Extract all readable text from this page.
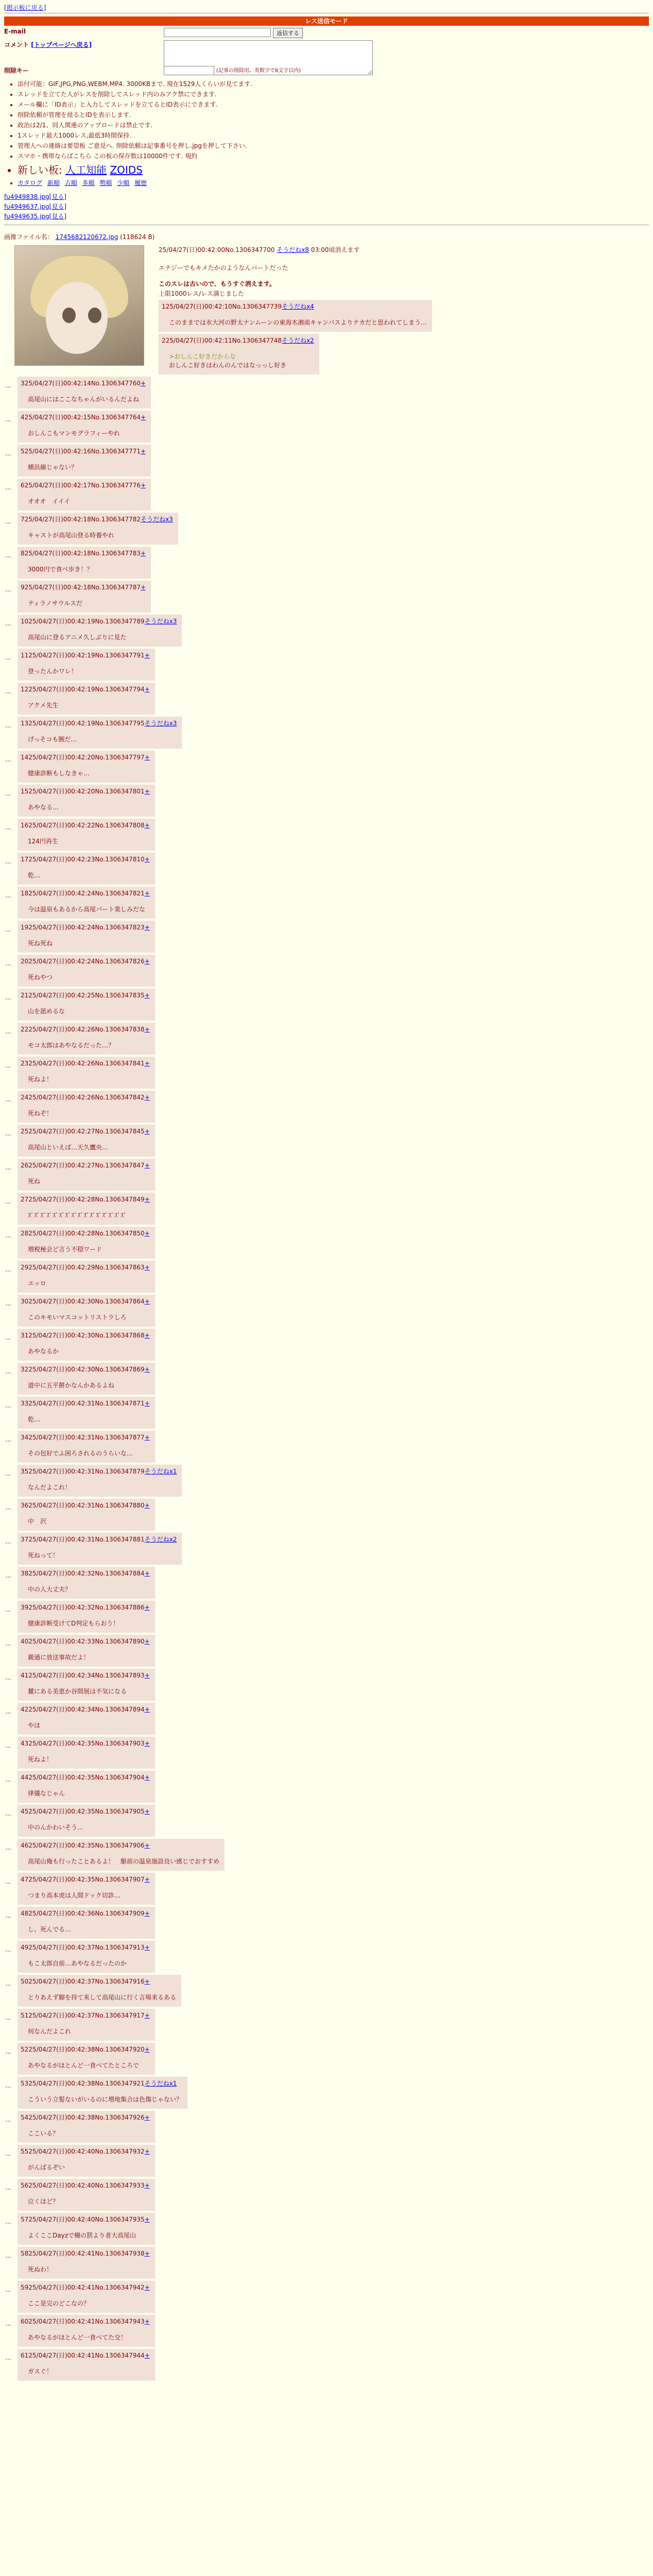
[掲示板に戻る]
レス送信モード
E-mail	返信する
コメント [トップページへ戻る]
削除キー	(記事の削除用。英数字で8文字以内)
• 添付可能：GIF,JPG,PNG,WEBM,MP4. 3000KBまで. 現在1529人くらいが見てます.
• スレッドを立てた人がレスを削除してスレッド内のみアク禁にできます.
• メール欄に「ID表示」と入力してスレッドを立てるとID表示にできます.
• 削除依頼が管理を経るとIDを表示します.
• 政治は2/1、同人関連のアップロードは禁止です.
• 1スレッド最大1000レス,最低3時間保持.
• 管理人への連絡は要望板 ご意見へ. 削除依頼は記事番号を押し.jpgを押して下さい.
• スマホ・携帯ならばこちら この板の保存数は10000件です. 規約
• 新しい板: 人工知能 ZOIDS
• カタログ 新順 古順 多順 勢順 少順 履歴
fu4949838.jpg[見る]
fu4949637.jpg[見る]
fu4949635.jpg[見る]
画像ファイル名： 1745682120672.jpg (118624 B)
25/04/27(日)00:42:00No.1306347700 そうだねx8 03:00頃消えます
エナジーでもキメたかのようなんバートだった
このスレは古いので、もうすぐ消えます。
上限1000レス/レス満じました
125/04/27(日)00:42:10No.1306347739そうだねx4
このままでは氷大河の野太ナンムーンの東海木湘南キャンパスよりテカだと思われてしまう…
225/04/27(日)00:42:11No.1306347748そうだねx2
>おしんこ好きだからな
おしんこ好きはわんのんではなっっし好き
… 325/04/27(日)00:42:14No.1306347760+
高尾山にはここなちゃんがいるんだよね
… 425/04/27(日)00:42:15No.1306347764+
おしんこもマンモグラフィーやれ
… 525/04/27(日)00:42:16No.1306347771+
横浜線じゃない？
… 625/04/27(日)00:42:17No.1306347776+
オオオ　イイイ
… 725/04/27(日)00:42:18No.1306347782そうだねx3
キャストが高尾山登る時養やれ
… 825/04/27(日)00:42:18No.1306347783+
3000円で食べ歩き！？
… 925/04/27(日)00:42:18No.1306347787+
ティラノサウルスだ
… 1025/04/27(日)00:42:19No.1306347789そうだねx3
高尾山に登るアニメ久しぶりに見た
… 1125/04/27(日)00:42:19No.1306347791+
登ったんかワレ！
… 1225/04/27(日)00:42:19No.1306347794+
アクメ先生
… 1325/04/27(日)00:42:19No.1306347795そうだねx3
げっそコも腕だ…
… 1425/04/27(日)00:42:20No.1306347797+
健康診断もしなきゃ…
… 1525/04/27(日)00:42:20No.1306347801+
あやなる…
… 1625/04/27(日)00:42:22No.1306347808+
124円再生
… 1725/04/27(日)00:42:23No.1306347810+
乾…
… 1825/04/27(日)00:42:24No.1306347821+
今は温泉もあるから高尾パート楽しみだな
… 1925/04/27(日)00:42:24No.1306347823+
死ね死ね
… 2025/04/27(日)00:42:24No.1306347826+
死ねやつ
… 2125/04/27(日)00:42:25No.1306347835+
山を舐めるな
… 2225/04/27(日)00:42:26No.1306347838+
モコ太郎はあやなるだった…？
… 2325/04/27(日)00:42:26No.1306347841+
死ねよ！
… 2425/04/27(日)00:42:26No.1306347842+
死ねぞ！
… 2525/04/27(日)00:42:27No.1306347845+
高尾山といえば…天久鷹央…
… 2625/04/27(日)00:42:27No.1306347847+
死ね
… 2725/04/27(日)00:42:28No.1306347849+
ｽﾞｽﾞｽﾞｽﾞｽﾞｽﾞｽﾞｽﾞｽﾞｽﾞｽﾞｽﾞｽﾞｽﾞｽﾞｽﾞ
… 2825/04/27(日)00:42:28No.1306347850+
増税極会ど言う不穏ワード
… 2925/04/27(日)00:42:29No.1306347863+
エッロ
… 3025/04/27(日)00:42:30No.1306347864+
このキモいマスコットリストラしろ
… 3125/04/27(日)00:42:30No.1306347868+
あやなるか
… 3225/04/27(日)00:42:30No.1306347869+
道中に五平餅かなんかあるよね
… 3325/04/27(日)00:42:31No.1306347871+
乾…
… 3425/04/27(日)00:42:31No.1306347877+
その包好でふ困ろされるのうらいな…
… 3525/04/27(日)00:42:31No.1306347879そうだねx1
なんだよこれ！
… 3625/04/27(日)00:42:31No.1306347880+
中　沢
… 3725/04/27(日)00:42:31No.1306347881そうだねx2
死ねって！
… 3825/04/27(日)00:42:32No.1306347884+
中の人大丈夫？
… 3925/04/27(日)00:42:32No.1306347886+
健康診断受けてD判定もらおう！
… 4025/04/27(日)00:42:33No.1306347890+
親通に放送事故だよ！
… 4125/04/27(日)00:42:34No.1306347893+
麓にある美恵か谷間展は不気になる
… 4225/04/27(日)00:42:34No.1306347894+
やほ
… 4325/04/27(日)00:42:35No.1306347903+
死ねよ！
… 4425/04/27(日)00:42:35No.1306347904+
律儀なじゃん
… 4525/04/27(日)00:42:35No.1306347905+
中のんかわいそう…
… 4625/04/27(日)00:42:35No.1306347906+
高尾山俺も行ったことあるよ！　駆前の温泉施設良い感じでおすすめ
… 4725/04/27(日)00:42:35No.1306347907+
つまり高本虎は人間ドック切診…
… 4825/04/27(日)00:42:36No.1306347909+
し、死んでる…
… 4925/04/27(日)00:42:37No.1306347913+
もこ太郎自前…あやなるだったのか
… 5025/04/27(日)00:42:37No.1306347916+
とりあえず脚を持て来して高尾山に行く言場来るある
… 5125/04/27(日)00:42:37No.1306347917+
何なんだよこれ
… 5225/04/27(日)00:42:38No.1306347920+
あやなるがほとんど一食べてたところで
… 5325/04/27(日)00:42:38No.1306347921そうだねx1
こういう立髪ないがいるのに増地集合は色傷じゃない？
… 5425/04/27(日)00:42:38No.1306347926+
ここいる？
… 5525/04/27(日)00:42:40No.1306347932+
がんばるぞい
… 5625/04/27(日)00:42:40No.1306347933+
泣くほど？
… 5725/04/27(日)00:42:40No.1306347935+
よくここDayzで柵の罰より者大高尾山
… 5825/04/27(日)00:42:41No.1306347938+
死ぬわ！
… 5925/04/27(日)00:42:41No.1306347942+
ここ是完のどこなの？
… 6025/04/27(日)00:42:41No.1306347943+
あやなるがほとんど一食べてた交！
… 6125/04/27(日)00:42:41No.1306347944+
ガスぐ！
